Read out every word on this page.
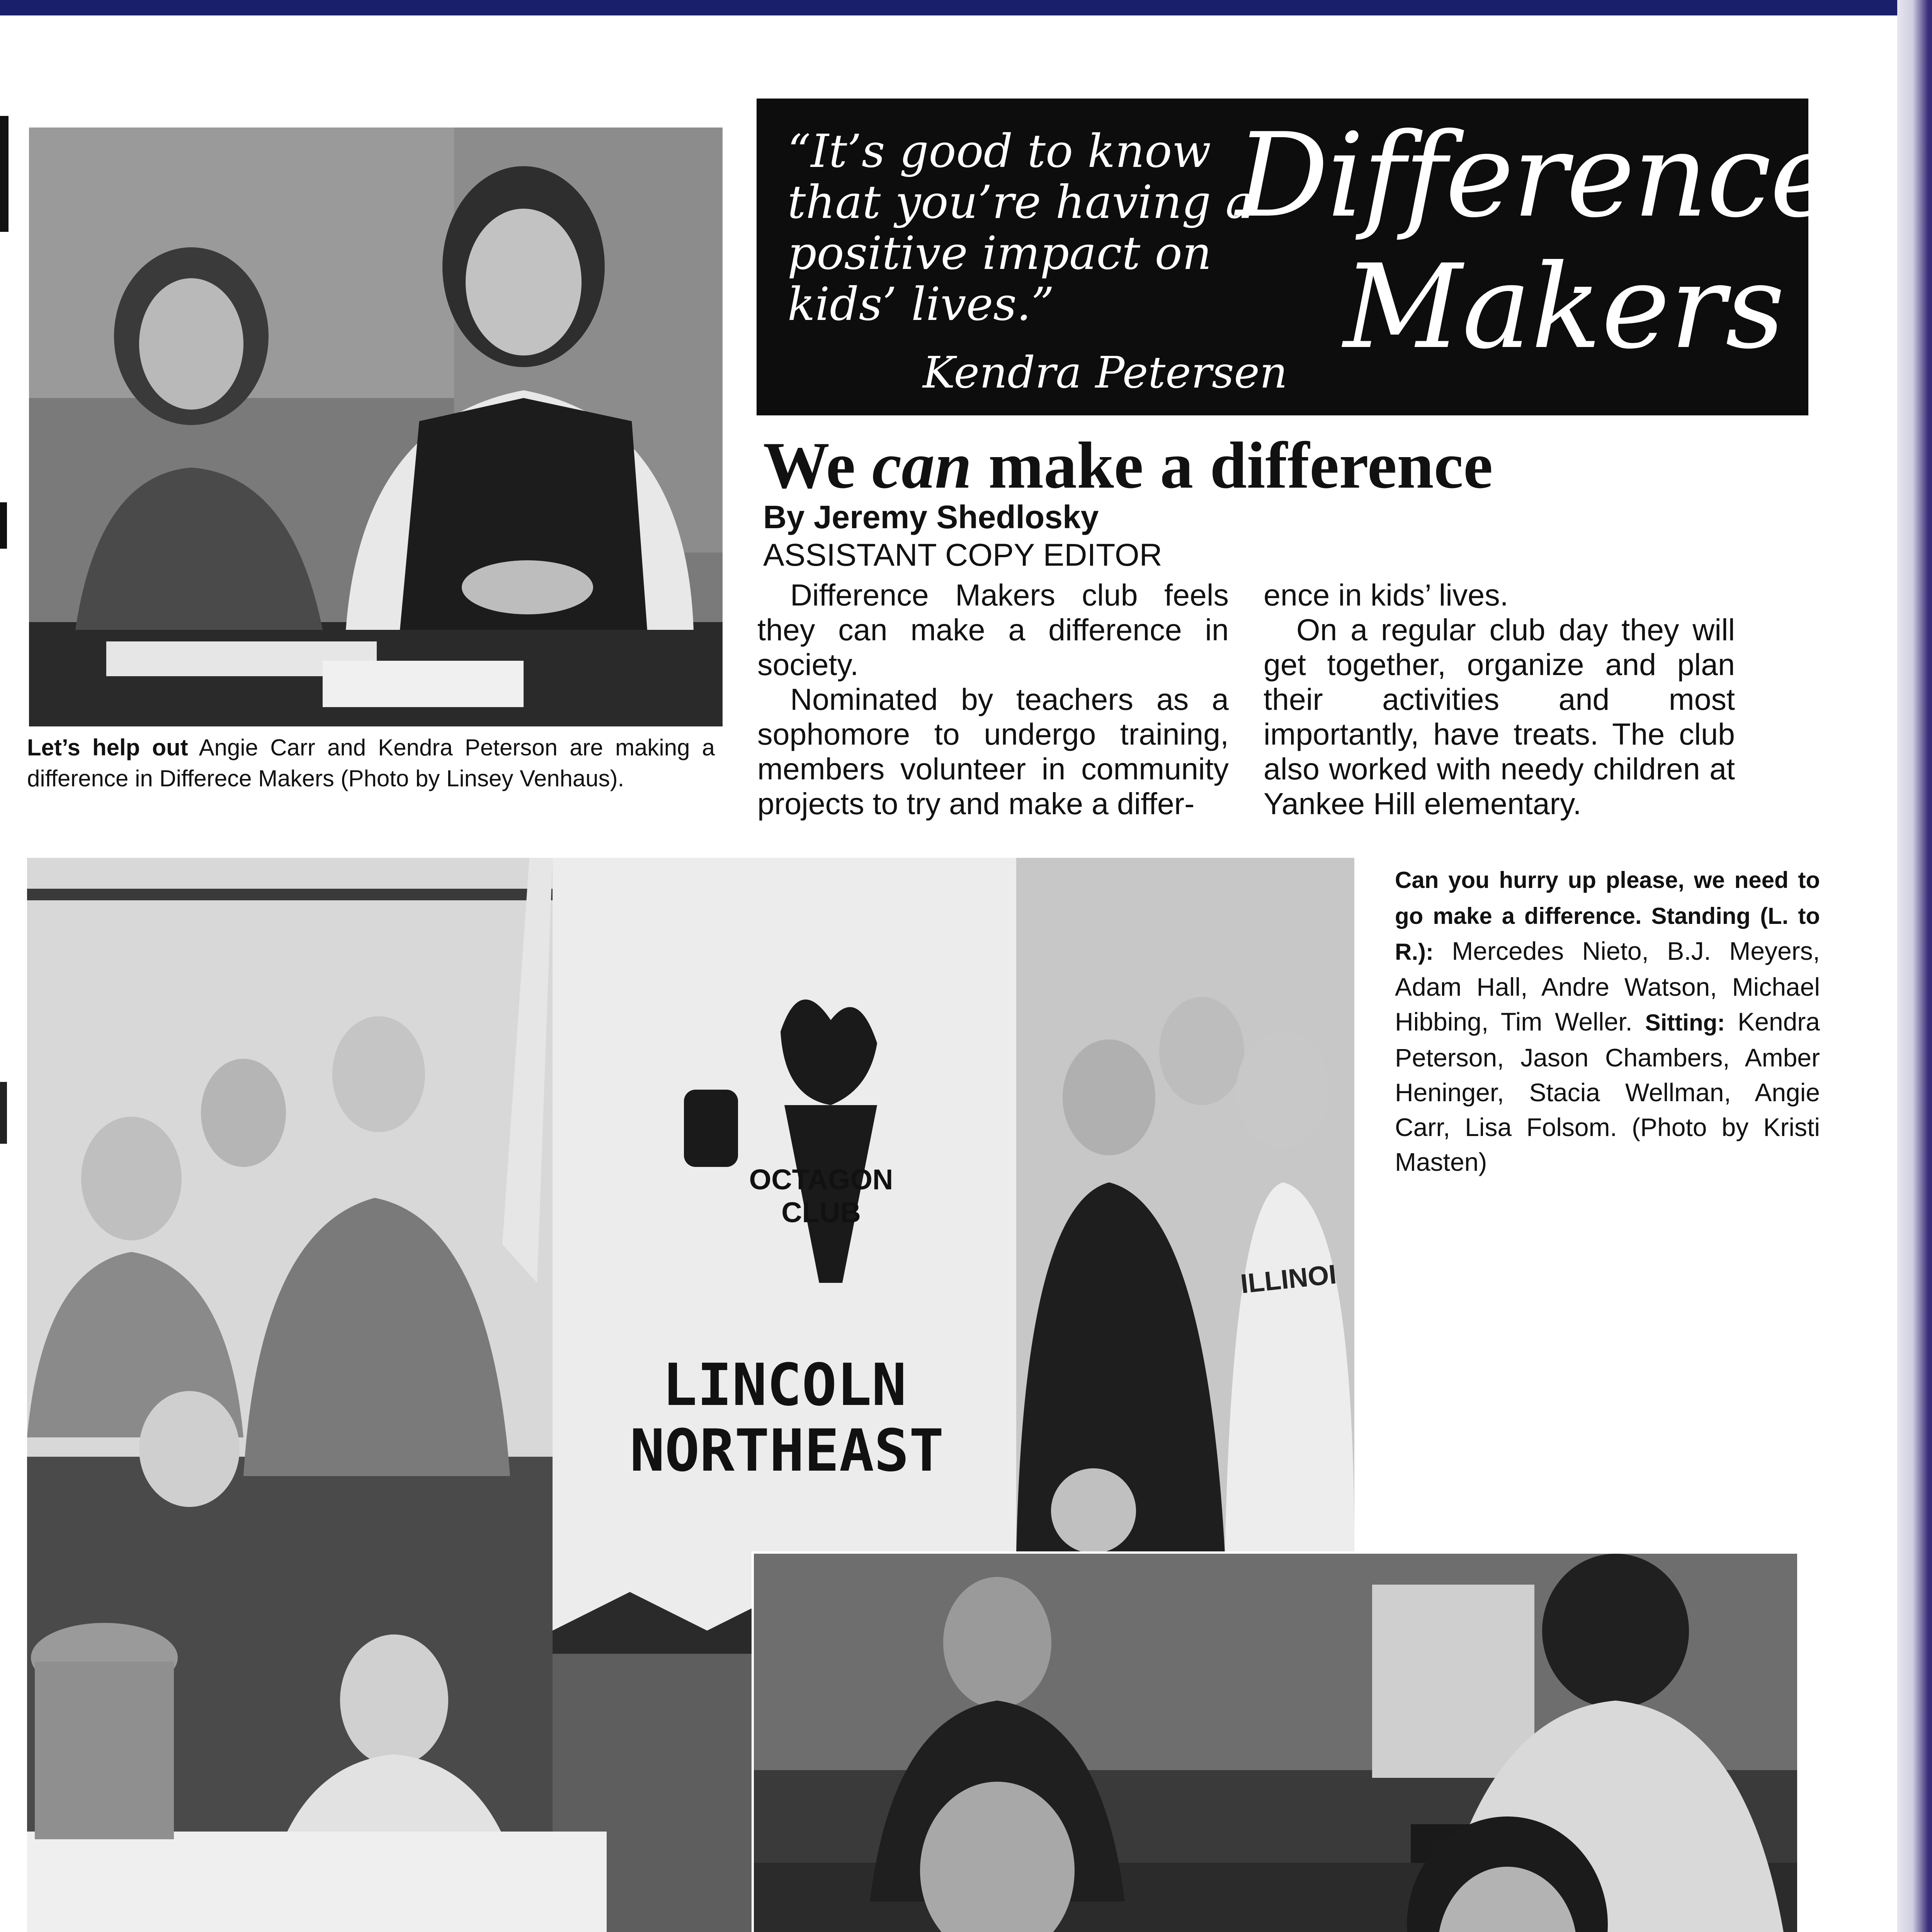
“It’s good to know
that you’re having a
positive impact on
kids’ lives.”
Kendra Petersen
Difference
Makers
We can make a difference
By Jeremy Shedlosky
ASSISTANT COPY EDITOR

Difference Makers club feels they can make a difference in society.

Nominated by teachers as a sophomore to undergo training, members volunteer in community projects to try and make a differ-

ence in kids’ lives.

On a regular club day they will get together, organize and plan their activities and most importantly, have treats. The club also worked with needy children at Yankee Hill elementary.

Let’s help out Angie Carr and Kendra Peterson are making a difference in Differece Makers (Photo by Linsey Venhaus).
OCTAGON
CLUB
LINCOLN
NORTHEAST
ILLINOI
Can you hurry up please, we need to go make a difference. Standing (L. to R.): Mercedes Nieto, B.J. Meyers, Adam Hall, Andre Watson, Michael Hibbing, Tim Weller. Sitting: Kendra Peterson, Jason Chambers, Amber Heninger, Stacia Wellman, Angie Carr, Lisa Folsom. (Photo by Kristi Masten)
